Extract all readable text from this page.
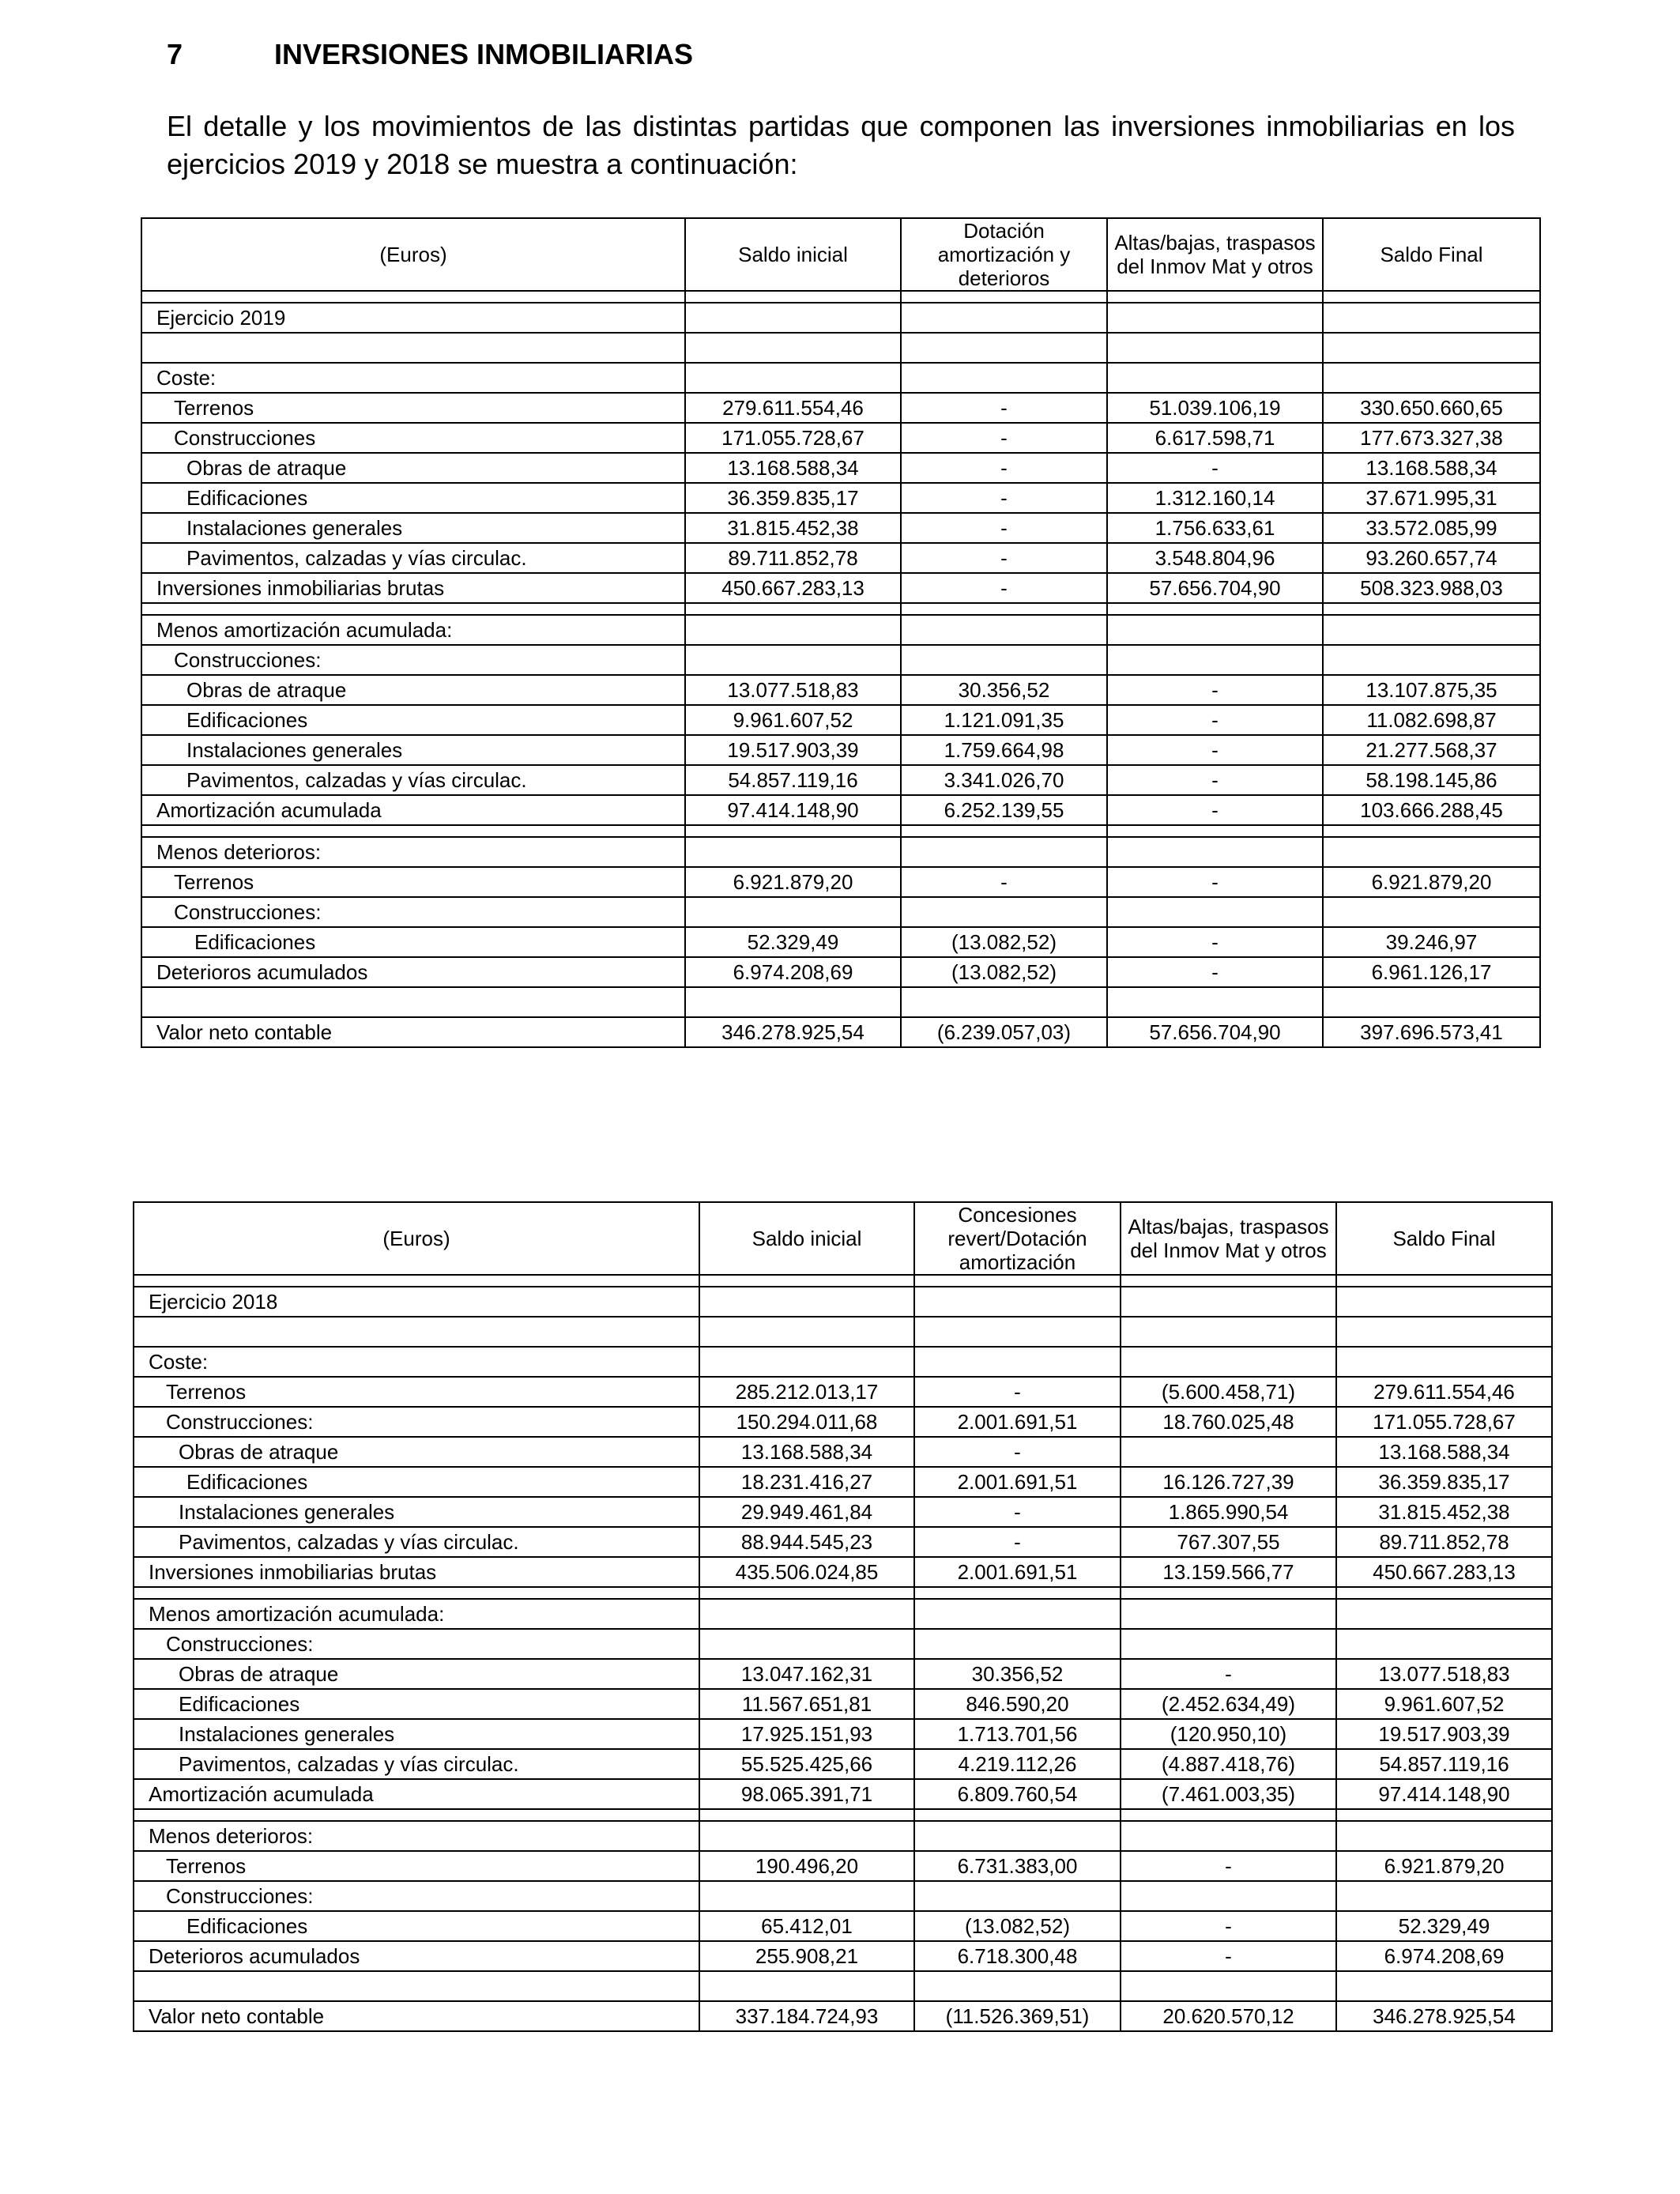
7	INVERSIONES INMOBILIARIAS
El detalle y los movimientos de las distintas partidas que componen las inversiones inmobiliarias en los ejercicios 2019 y 2018 se muestra a continuación:
(Euros)	Saldo inicial	Dotación amortización y deterioros	Altas/bajas, traspasos del Inmov Mat y otros	Saldo Final

Ejercicio 2019				

Coste:				
Terrenos	279.611.554,46	-	51.039.106,19	330.650.660,65
Construcciones	171.055.728,67	-	6.617.598,71	177.673.327,38
Obras de atraque	13.168.588,34	-	-	13.168.588,34
Edificaciones	36.359.835,17	-	1.312.160,14	37.671.995,31
Instalaciones generales	31.815.452,38	-	1.756.633,61	33.572.085,99
Pavimentos, calzadas y vías circulac.	89.711.852,78	-	3.548.804,96	93.260.657,74
Inversiones inmobiliarias brutas	450.667.283,13	-	57.656.704,90	508.323.988,03

Menos amortización acumulada:				
Construcciones:				
Obras de atraque	13.077.518,83	30.356,52	-	13.107.875,35
Edificaciones	9.961.607,52	1.121.091,35	-	11.082.698,87
Instalaciones generales	19.517.903,39	1.759.664,98	-	21.277.568,37
Pavimentos, calzadas y vías circulac.	54.857.119,16	3.341.026,70	-	58.198.145,86
Amortización acumulada	97.414.148,90	6.252.139,55	-	103.666.288,45

Menos deterioros:				
Terrenos	6.921.879,20	-	-	6.921.879,20
Construcciones:				
Edificaciones	52.329,49	(13.082,52)	-	39.246,97
Deterioros acumulados	6.974.208,69	(13.082,52)	-	6.961.126,17

Valor neto contable	346.278.925,54	(6.239.057,03)	57.656.704,90	397.696.573,41
(Euros)	Saldo inicial	Concesiones revert/Dotación amortización	Altas/bajas, traspasos del Inmov Mat y otros	Saldo Final

Ejercicio 2018				

Coste:				
Terrenos	285.212.013,17	-	(5.600.458,71)	279.611.554,46
Construcciones:	150.294.011,68	2.001.691,51	18.760.025,48	171.055.728,67
Obras de atraque	13.168.588,34	-		13.168.588,34
Edificaciones	18.231.416,27	2.001.691,51	16.126.727,39	36.359.835,17
Instalaciones generales	29.949.461,84	-	1.865.990,54	31.815.452,38
Pavimentos, calzadas y vías circulac.	88.944.545,23	-	767.307,55	89.711.852,78
Inversiones inmobiliarias brutas	435.506.024,85	2.001.691,51	13.159.566,77	450.667.283,13

Menos amortización acumulada:				
Construcciones:				
Obras de atraque	13.047.162,31	30.356,52	-	13.077.518,83
Edificaciones	11.567.651,81	846.590,20	(2.452.634,49)	9.961.607,52
Instalaciones generales	17.925.151,93	1.713.701,56	(120.950,10)	19.517.903,39
Pavimentos, calzadas y vías circulac.	55.525.425,66	4.219.112,26	(4.887.418,76)	54.857.119,16
Amortización acumulada	98.065.391,71	6.809.760,54	(7.461.003,35)	97.414.148,90

Menos deterioros:				
Terrenos	190.496,20	6.731.383,00	-	6.921.879,20
Construcciones:				
Edificaciones	65.412,01	(13.082,52)	-	52.329,49
Deterioros acumulados	255.908,21	6.718.300,48	-	6.974.208,69

Valor neto contable	337.184.724,93	(11.526.369,51)	20.620.570,12	346.278.925,54
